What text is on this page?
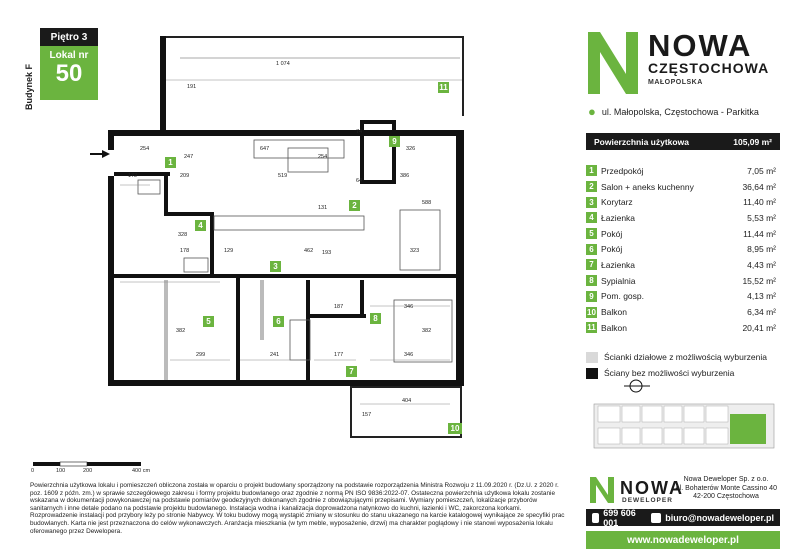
Piętro 3
Lokal nr
50
Budynek F	1 074
191
254	647
74
326
247
172	209	519
254
386
64
131
588
328
178	129	462 193	323
187	346
382	382
299	241	177	346
404
157
1
2
3
4
5	6
7
8
9
10
11
NOWA
CZĘSTOCHOWA
MAŁOPOLSKA
● ul. Małopolska, Częstochowa - Parkitka
Powierzchnia użytkowa	105,09 m²
1 Przedpokój	7,05 m²
2 Salon + aneks kuchenny	36,64 m²
3 Korytarz	11,40 m²
4 Łazienka	5,53 m²
5 Pokój	11,44 m²
6 Pokój	8,95 m²
7 Łazienka	4,43 m²
8 Sypialnia	15,52 m²
9 Pom. gosp.	4,13 m²
10 Balkon	6,34 m²
11 Balkon	20,41 m²
Ścianki działowe z możliwością wyburzenia
Ściany bez możliwości wyburzenia
0	100	200	400 cm
Powierzchnia użytkowa lokalu i pomieszczeń obliczona została w oparciu o projekt budowlany sporządzony na podstawie rozporządzenia Ministra Rozwoju z 11.09.2020 r. (Dz.U. z 2020 r. poz. 1609 z późn. zm.) w sprawie szczegółowego zakresu i formy projektu budowlanego oraz zgodnie z normą PN ISO 9836:2022-07. Ostateczna powierzchnia użytkowa lokalu zostanie wskazana w dokumentacji powykonawczej na podstawie pomiarów geodezyjnych dokonanych zgodnie z obowiązującymi przepisami. Wymiary pomieszczeń, lokalizacje przyborów sanitarnych i inne detale podano na podstawie projektu budowlanego. Instalacja wodna i kanalizacja doprowadzona natynkowo do kuchni, łazienki i WC, zakorczona korkami. Rozprowadzenie instalacji pod przybory leży po stronie Nabywcy. W toku budowy mogą wystąpić zmiany w stosunku do stanu ukazanego na karcie katalogowej wynikające ze specyfiki prac budowlanych. Karta nie jest przeznaczona do celów wykonawczych. Aranżacja mieszkania (w tym meble, wyposażenie, drzwi) ma charakter poglądowy i nie stanowi wyposażenia lokalu oferowanego przez Dewelopera.
NOWA
DEWELOPER
Nowa Deweloper Sp. z o.o.
Al. Bohaterów Monte Cassino 40
42-200 Częstochowa
699 606 001	biuro@nowadeweloper.pl
www.nowadeweloper.pl
